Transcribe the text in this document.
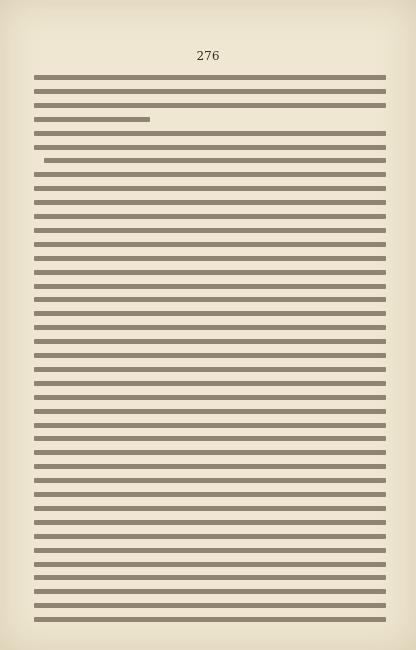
276
